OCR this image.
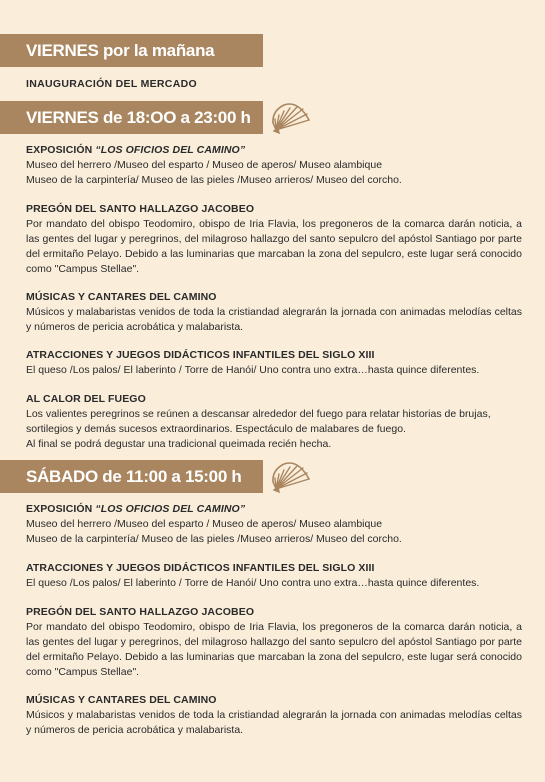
VIERNES por la mañana
INAUGURACIÓN DEL MERCADO
VIERNES de 18:OO a 23:00 h
EXPOSICIÓN “LOS OFICIOS DEL CAMINO”

Museo del herrero /Museo del esparto / Museo de aperos/ Museo alambique

Museo de la carpintería/ Museo de las pieles /Museo arrieros/ Museo del corcho.

PREGÓN DEL SANTO HALLAZGO JACOBEO
Por mandato del obispo Teodomiro, obispo de Iria Flavia, los pregoneros de la comarca darán noticia, a las gentes del lugar y peregrinos, del milagroso hallazgo del santo sepulcro del apóstol Santiago por parte del ermitaño Pelayo. Debido a las luminarias que marcaban la zona del sepulcro, este lugar será conocido como "Campus Stellae".
MÚSICAS Y CANTARES DEL CAMINO
Músicos y malabaristas venidos de toda la cristiandad alegrarán la jornada con animadas melodías celtas y números de pericia acrobática y malabarista.
ATRACCIONES Y JUEGOS DIDÁCTICOS INFANTILES DEL SIGLO XIII
El queso /Los palos/ El laberinto / Torre de Hanói/ Uno contra uno extra…hasta quince diferentes.
AL CALOR DEL FUEGO

Los valientes peregrinos se reúnen a descansar alrededor del fuego para relatar historias de brujas,

sortilegios y demás sucesos extraordinarios. Espectáculo de malabares de fuego.

Al final se podrá degustar una tradicional queimada recién hecha.

SÁBADO de 11:00 a 15:00 h
EXPOSICIÓN “LOS OFICIOS DEL CAMINO”

Museo del herrero /Museo del esparto / Museo de aperos/ Museo alambique

Museo de la carpintería/ Museo de las pieles /Museo arrieros/ Museo del corcho.

ATRACCIONES Y JUEGOS DIDÁCTICOS INFANTILES DEL SIGLO XIII
El queso /Los palos/ El laberinto / Torre de Hanói/ Uno contra uno extra…hasta quince diferentes.
PREGÓN DEL SANTO HALLAZGO JACOBEO
Por mandato del obispo Teodomiro, obispo de Iria Flavia, los pregoneros de la comarca darán noticia, a las gentes del lugar y peregrinos, del milagroso hallazgo del santo sepulcro del apóstol Santiago por parte del ermitaño Pelayo. Debido a las luminarias que marcaban la zona del sepulcro, este lugar será conocido como "Campus Stellae".
MÚSICAS Y CANTARES DEL CAMINO
Músicos y malabaristas venidos de toda la cristiandad alegrarán la jornada con animadas melodías celtas y números de pericia acrobática y malabarista.
